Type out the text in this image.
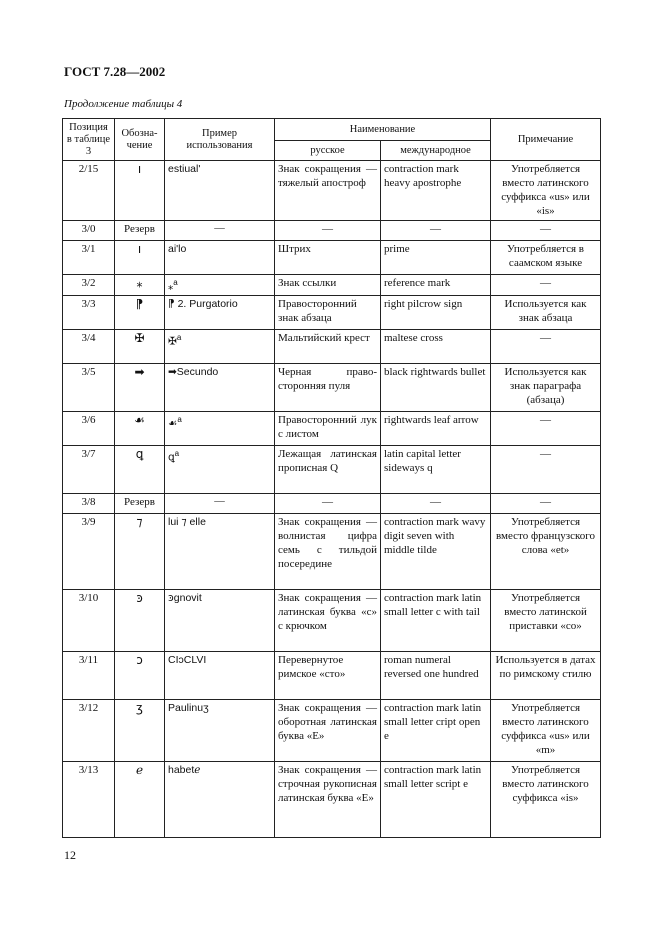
ГОСТ 7.28—2002
Продолжение таблицы 4
Позиция в таблице 3	Обозначение	Пример использования	Наименование		Примечание
			русское	международное	
2/15	ı	estiual'	Знак сокращения — тяжелый апостроф	contraction mark heavy apostrophe	Употребляется вместо латинского суффикса «us» или «is»
3/0	Резерв	—	—	—	—
3/1	ı	ai'lo	Штрих	prime	Употребляется в саамском языке
3/2	⁎	⁎$^a$	Знак ссылки	reference mark	—
3/3	⁋	⁋ 2. Purgatorio	Правосторонний знак абзаца	right pilcrow sign	Используется как знак абзаца
3/4	✠	✠$^a$	Мальтийский крест	maltese cross	—
3/5	➡	➡Secundo	Черная правосторонняя пуля	black rightwards bullet	Используется как знак параграфа (абзаца)
3/6	☙	☙$^a$	Правосторонний лук с листом	rightwards leaf arrow	—
3/7	ꝗ	ꝗ$^a$	Лежащая латинская прописная Q	latin capital letter sideways q	—
3/8	Резерв	—	—	—	—
3/9	⁊	lui ⁊ elle	Знак сокращения — волнистая цифра семь с тильдой посередине	contraction mark wavy digit seven with middle tilde	Употребляется вместо французского слова «et»
3/10	ꜿ	ꜿgnovit	Знак сокращения — латинская буква «c» с крючком	contraction mark latin small letter c with tail	Употребляется вместо латинской приставки «co»
3/11	ↄ	CIↄCLVI	Перевернутое римское «сто»	roman numeral reversed one hundred	Используется в датах по римскому стилю
3/12	ʒ	Paulinuʒ	Знак сокращения — оборотная латинская буква «E»	contraction mark latin small letter cript open e	Употребляется вместо латинского суффикса «us» или «m»
3/13	ℯ	habetℯ	Знак сокращения — строчная рукописная латинская буква «E»	contraction mark latin small letter script e	Употребляется вместо латинского суффикса «is»
12
